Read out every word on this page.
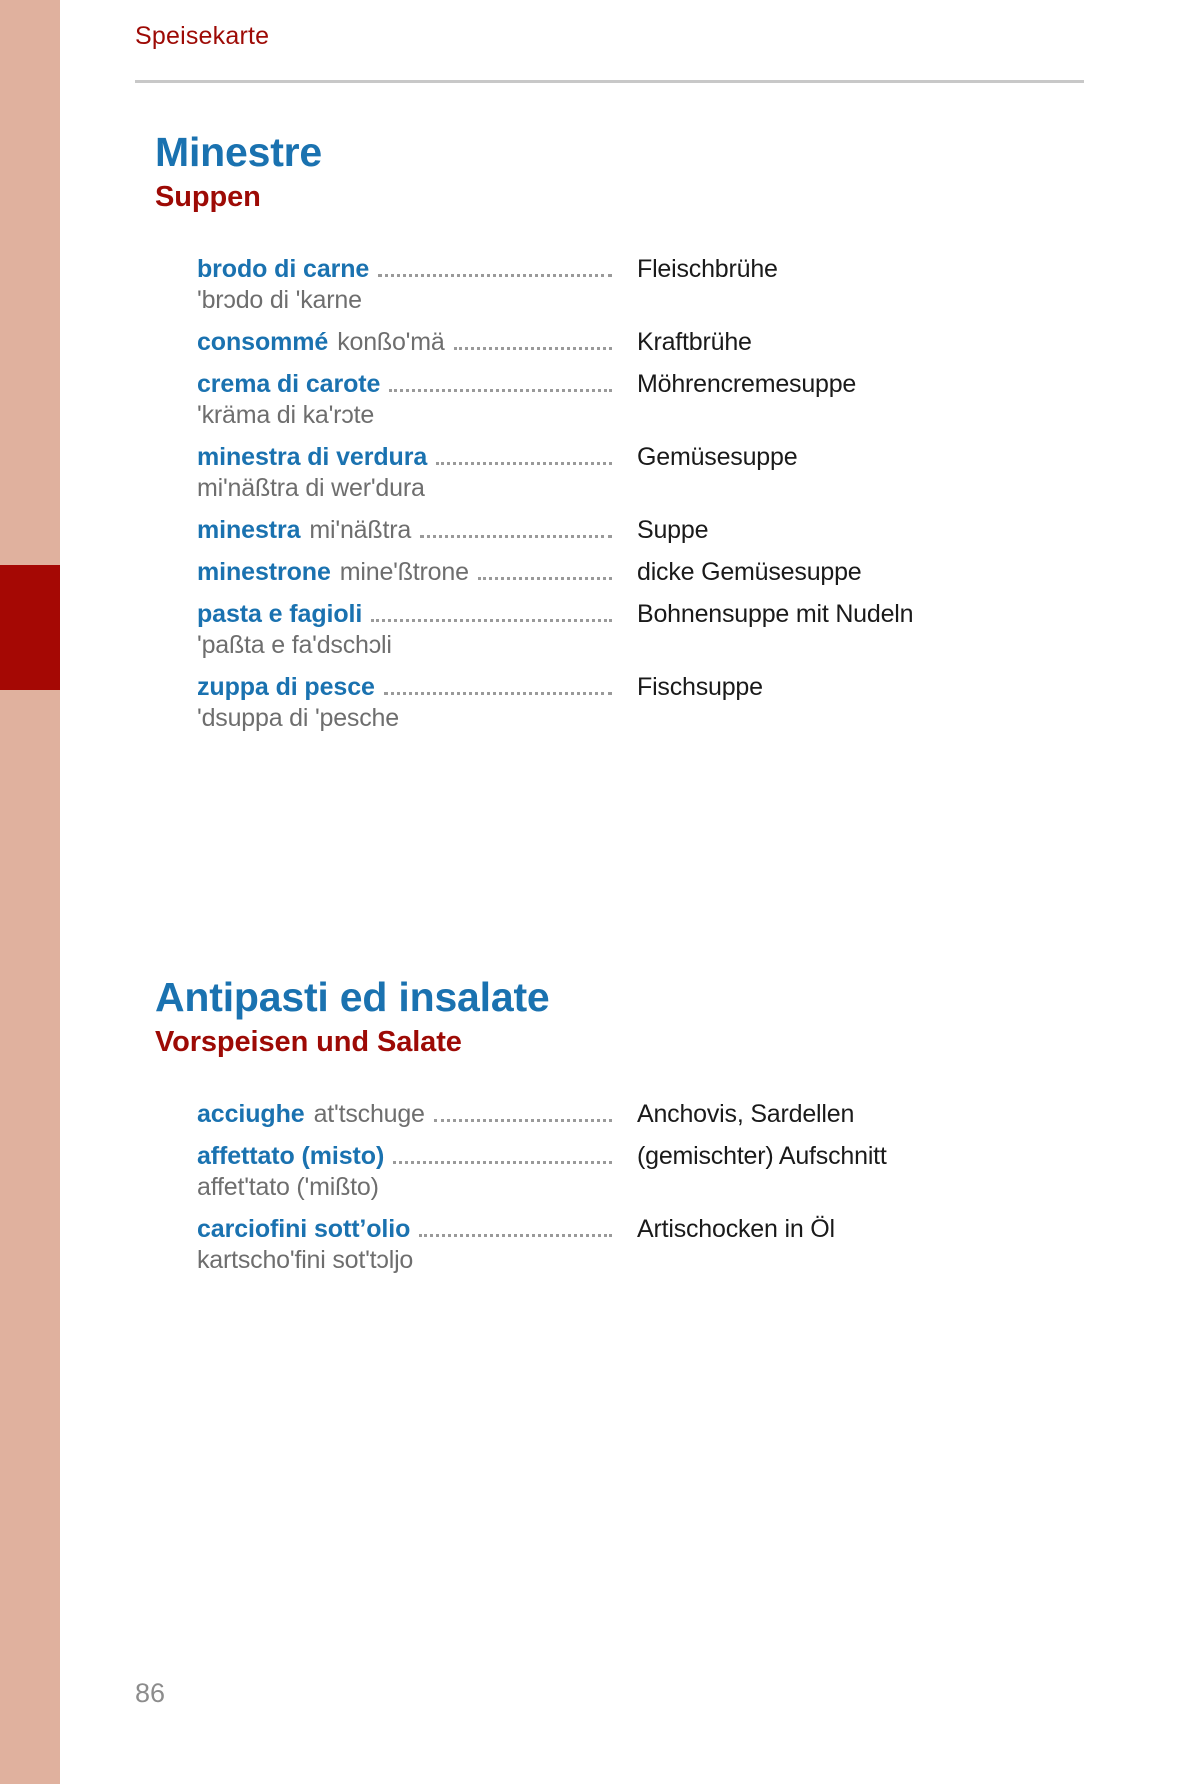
Speisekarte
Minestre
Suppen
brodo di carne	Fleischbrühe
'brɔdo di 'karne
consommé konßo'mä	Kraftbrühe
crema di carote	Möhrencremesuppe
'kräma di ka'rɔte
minestra di verdura	Gemüsesuppe
mi'näßtra di wer'dura
minestra mi'näßtra	Suppe
minestrone mine'ßtrone	dicke Gemüsesuppe
pasta e fagioli	Bohnensuppe mit Nudeln
'paßta e fa'dschɔli
zuppa di pesce	Fischsuppe
'dsuppa di 'pesche
Antipasti ed insalate
Vorspeisen und Salate
acciughe at'tschuge	Anchovis, Sardellen
affettato (misto)	(gemischter) Aufschnitt
affet'tato ('mißto)
carciofini sott’olio	Artischocken in Öl
kartscho'fini sot'tɔljo
86
